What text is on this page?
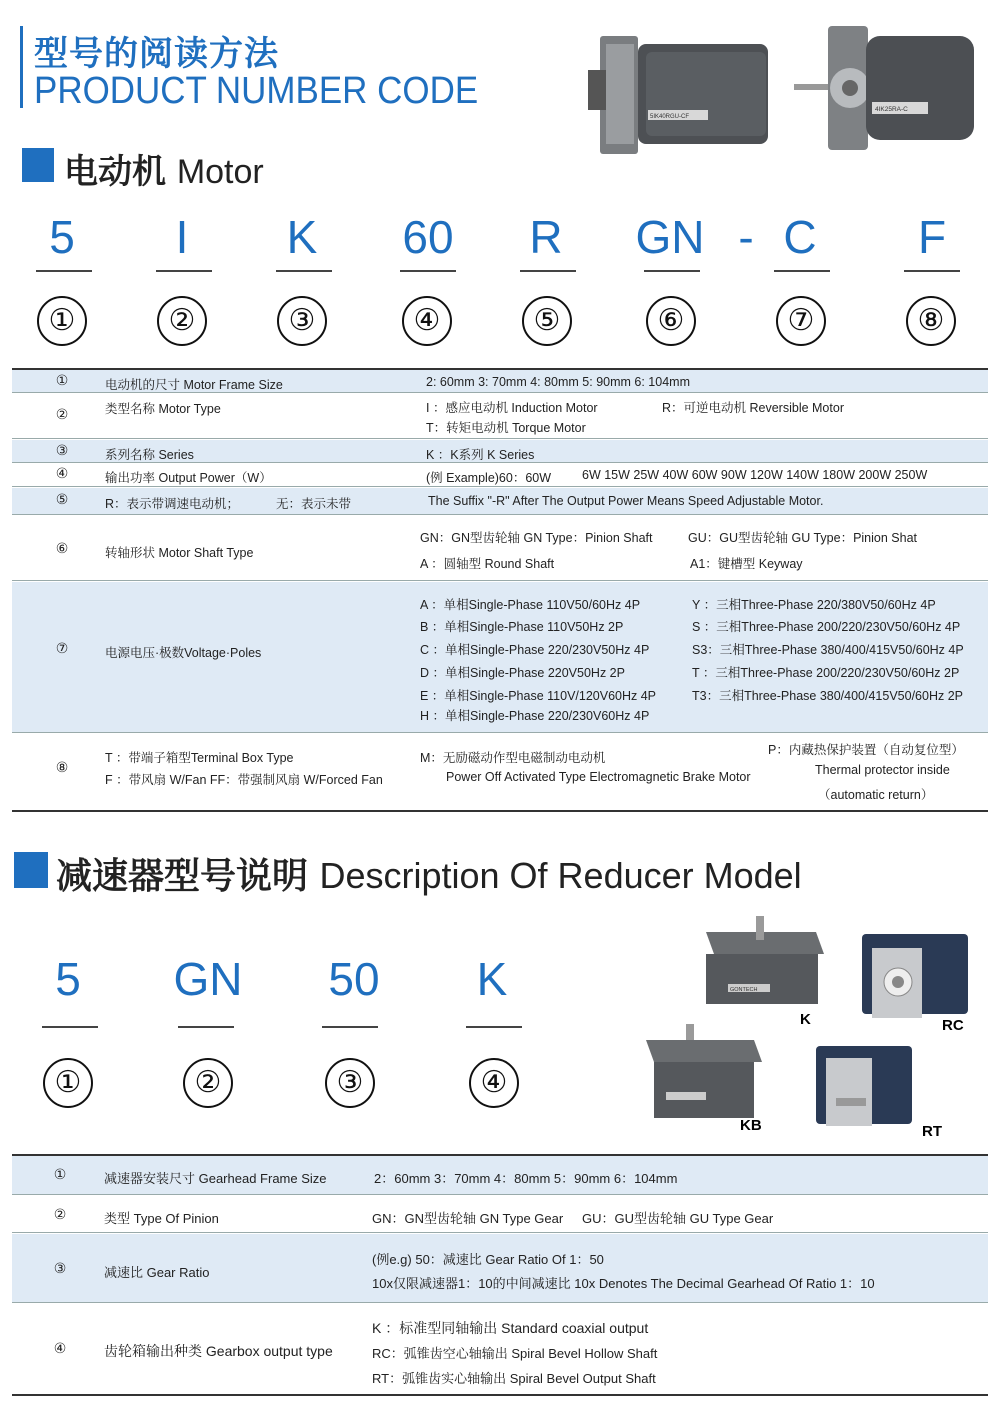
型号的阅读方法
PRODUCT NUMBER CODE
5IK40RGU-CF
4IK25RA-C
电动机 Motor
5	I	K	60	R	GN - C	F
①	②	③	④	⑤	⑥	⑦	⑧
①	电动机的尺寸 Motor Frame Size	2: 60mm 3: 70mm 4: 80mm 5: 90mm 6: 104mm
②	类型名称 Motor Type	I ：感应电动机 Induction Motor	R：可逆电动机 Reversible Motor
T：转矩电动机 Torque Motor
③	系列名称 Series	K ：K系列 K Series
④	输出功率 Output Power（W）	(例 Example)60：60W 6W 15W 25W 40W 60W 90W 120W 140W 180W 200W 250W
⑤	R：表示带调速电动机；	无：表示未带	The Suffix "-R" After The Output Power Means Speed Adjustable Motor.
⑥	转轴形状 Motor Shaft Type
GN：GN型齿轮轴 GN Type：Pinion Shaft	GU：GU型齿轮轴 GU Type：Pinion Shat
A ：圆轴型 Round Shaft	A1：键槽型 Keyway
⑦	电源电压·极数Voltage·Poles
A ：单相Single-Phase 110V50/60Hz 4P
B ：单相Single-Phase 110V50Hz 2P
C ：单相Single-Phase 220/230V50Hz 4P
D ：单相Single-Phase 220V50Hz 2P
E ：单相Single-Phase 110V/120V60Hz 4P
H ：单相Single-Phase 220/230V60Hz 4P
Y ：三相Three-Phase 220/380V50/60Hz 4P
S ：三相Three-Phase 200/220/230V50/60Hz 4P
S3：三相Three-Phase 380/400/415V50/60Hz 4P
T ：三相Three-Phase 200/220/230V50/60Hz 2P
T3：三相Three-Phase 380/400/415V50/60Hz 2P
⑧
T ：带端子箱型Terminal Box Type
F ：带风扇 W/Fan FF：带强制风扇 W/Forced Fan
M：无励磁动作型电磁制动电动机
Power Off Activated Type Electromagnetic Brake Motor
P：内藏热保护装置（自动复位型）
Thermal protector inside
（automatic return）
减速器型号说明 Description Of Reducer Model
5	GN	50	K
①	②	③	④
GONTECH
K	RC
KB	RT
①	减速器安装尺寸 Gearhead Frame Size	2：60mm 3：70mm 4：80mm 5：90mm 6：104mm
②	类型 Type Of Pinion	GN：GN型齿轮轴 GN Type Gear GU：GU型齿轮轴 GU Type Gear
③	减速比 Gear Ratio
(例e.g) 50：减速比 Gear Ratio Of 1：50
10x仅限减速器1：10的中间减速比 10x Denotes The Decimal Gearhead Of Ratio 1：10
④	齿轮箱输出种类 Gearbox output type
K ：标准型同轴输出 Standard coaxial output
RC：弧锥齿空心轴输出 Spiral Bevel Hollow Shaft
RT：弧锥齿实心轴输出 Spiral Bevel Output Shaft
